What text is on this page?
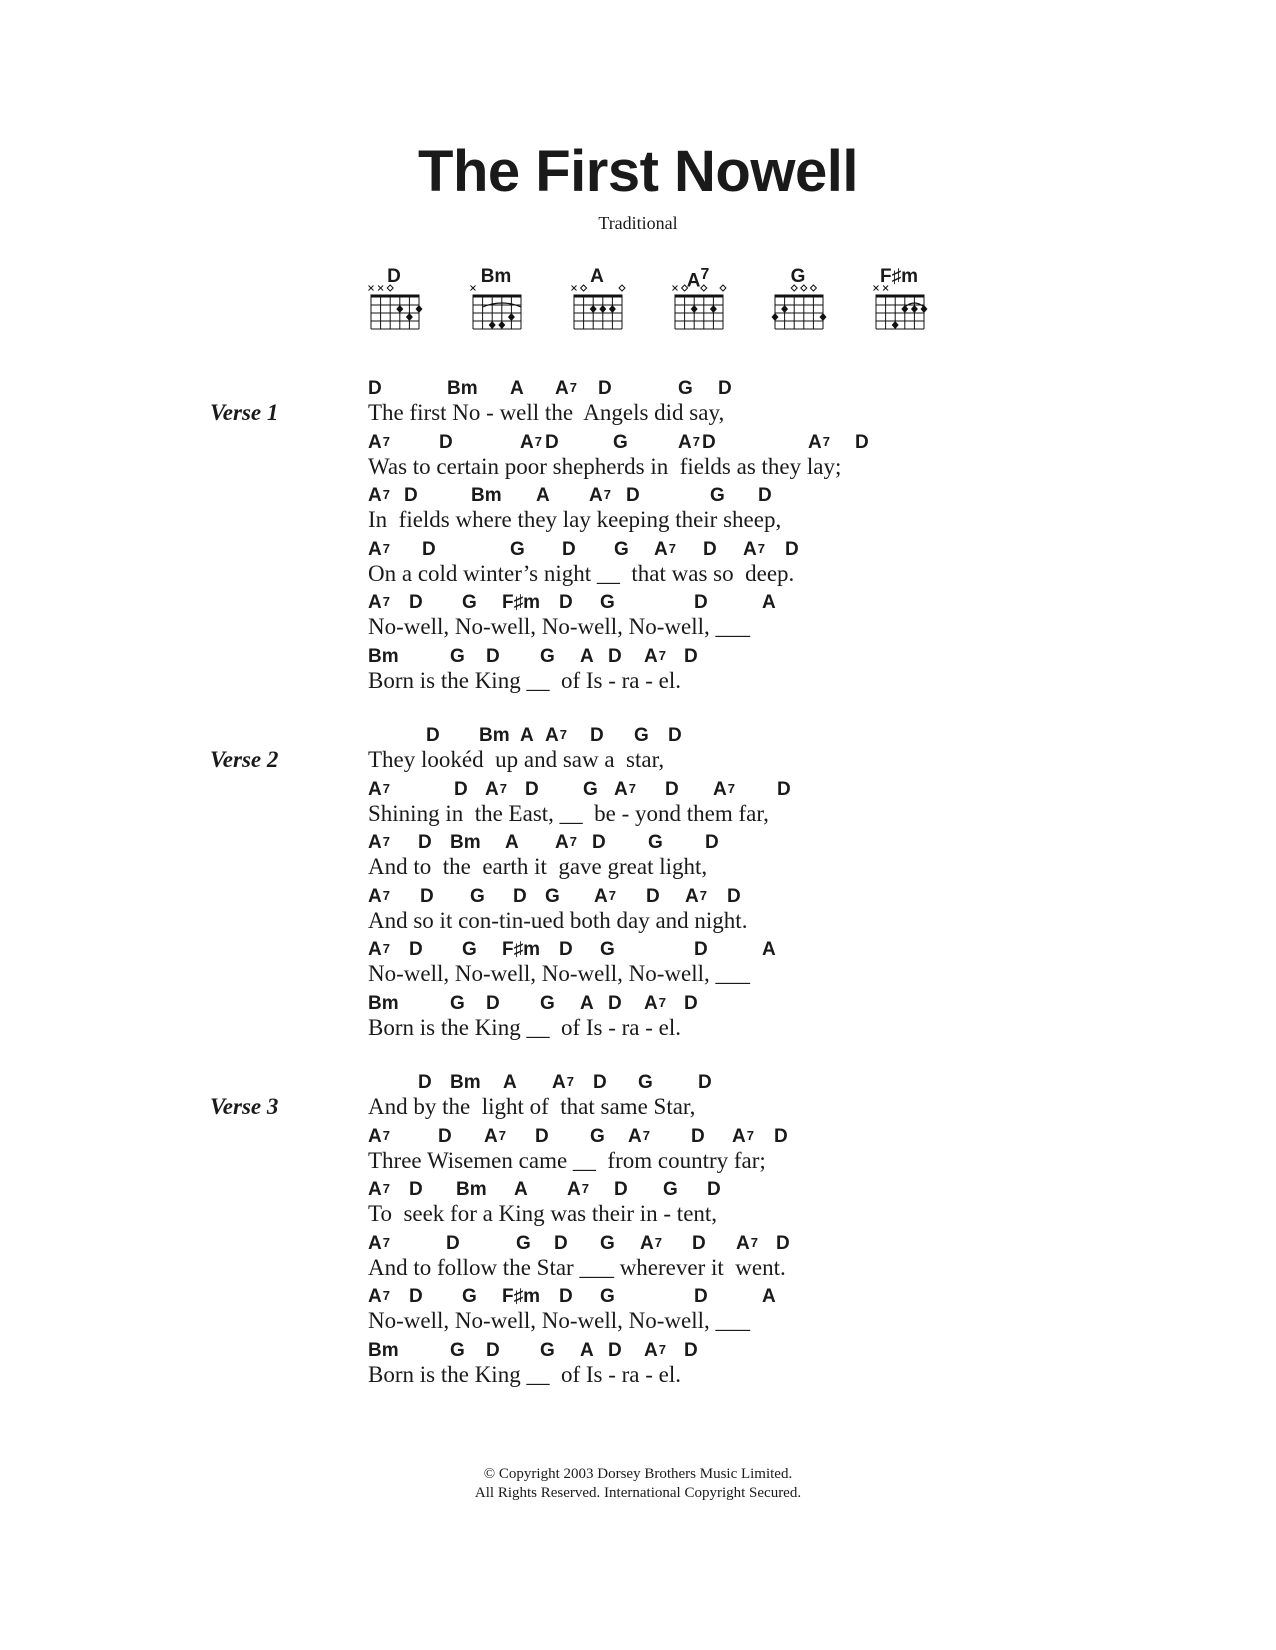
The First Nowell
Traditional
D	Bm	A	$A^7$	G	F♯m
Verse 1
D	Bm A $A^7$ D	G D
The first No - well the  Angels did say,
$A^7$	D	$A^7$ D	G	$A^7$ D	$A^7$ D
Was to certain poor shepherds in  fields as they lay;
$A^7$ D	Bm A $A^7$ D	G D
In  fields where they lay keeping their sheep,
$A^7$ D	G D G $A^7$ D $A^7$ D
On a cold winter’s night __  that was so  deep.
$A^7$ D G F♯m D G	D	A
No-well, No-well, No-well, No-well, ___
Bm	G D G A D $A^7$ D
Born is the King __  of Is - ra - el.
Verse 2
D Bm A $A^7$ D G D
They lookéd  up and saw a  star,
$A^7$	D $A^7$ D G $A^7$ D $A^7$ D
Shining in  the East, __  be - yond them far,
$A^7$ D Bm A $A^7$ D G D
And to  the  earth it  gave great light,
$A^7$ D G D G $A^7$ D $A^7$ D
And so it con-tin-ued both day and night.
$A^7$ D G F♯m D G	D	A
No-well, No-well, No-well, No-well, ___
Bm	G D G A D $A^7$ D
Born is the King __  of Is - ra - el.
Verse 3
D Bm A $A^7$ D G D
And by the  light of  that same Star,
$A^7$	D $A^7$ D G $A^7$ D $A^7$ D
Three Wisemen came __  from country far;
$A^7$ D Bm A $A^7$ D G D
To  seek for a King was their in - tent,
$A^7$	D	G D G $A^7$ D $A^7$ D
And to follow the Star ___ wherever it  went.
$A^7$ D G F♯m D G	D	A
No-well, No-well, No-well, No-well, ___
Bm	G D G A D $A^7$ D
Born is the King __  of Is - ra - el.
© Copyright 2003 Dorsey Brothers Music Limited.
All Rights Reserved. International Copyright Secured.
